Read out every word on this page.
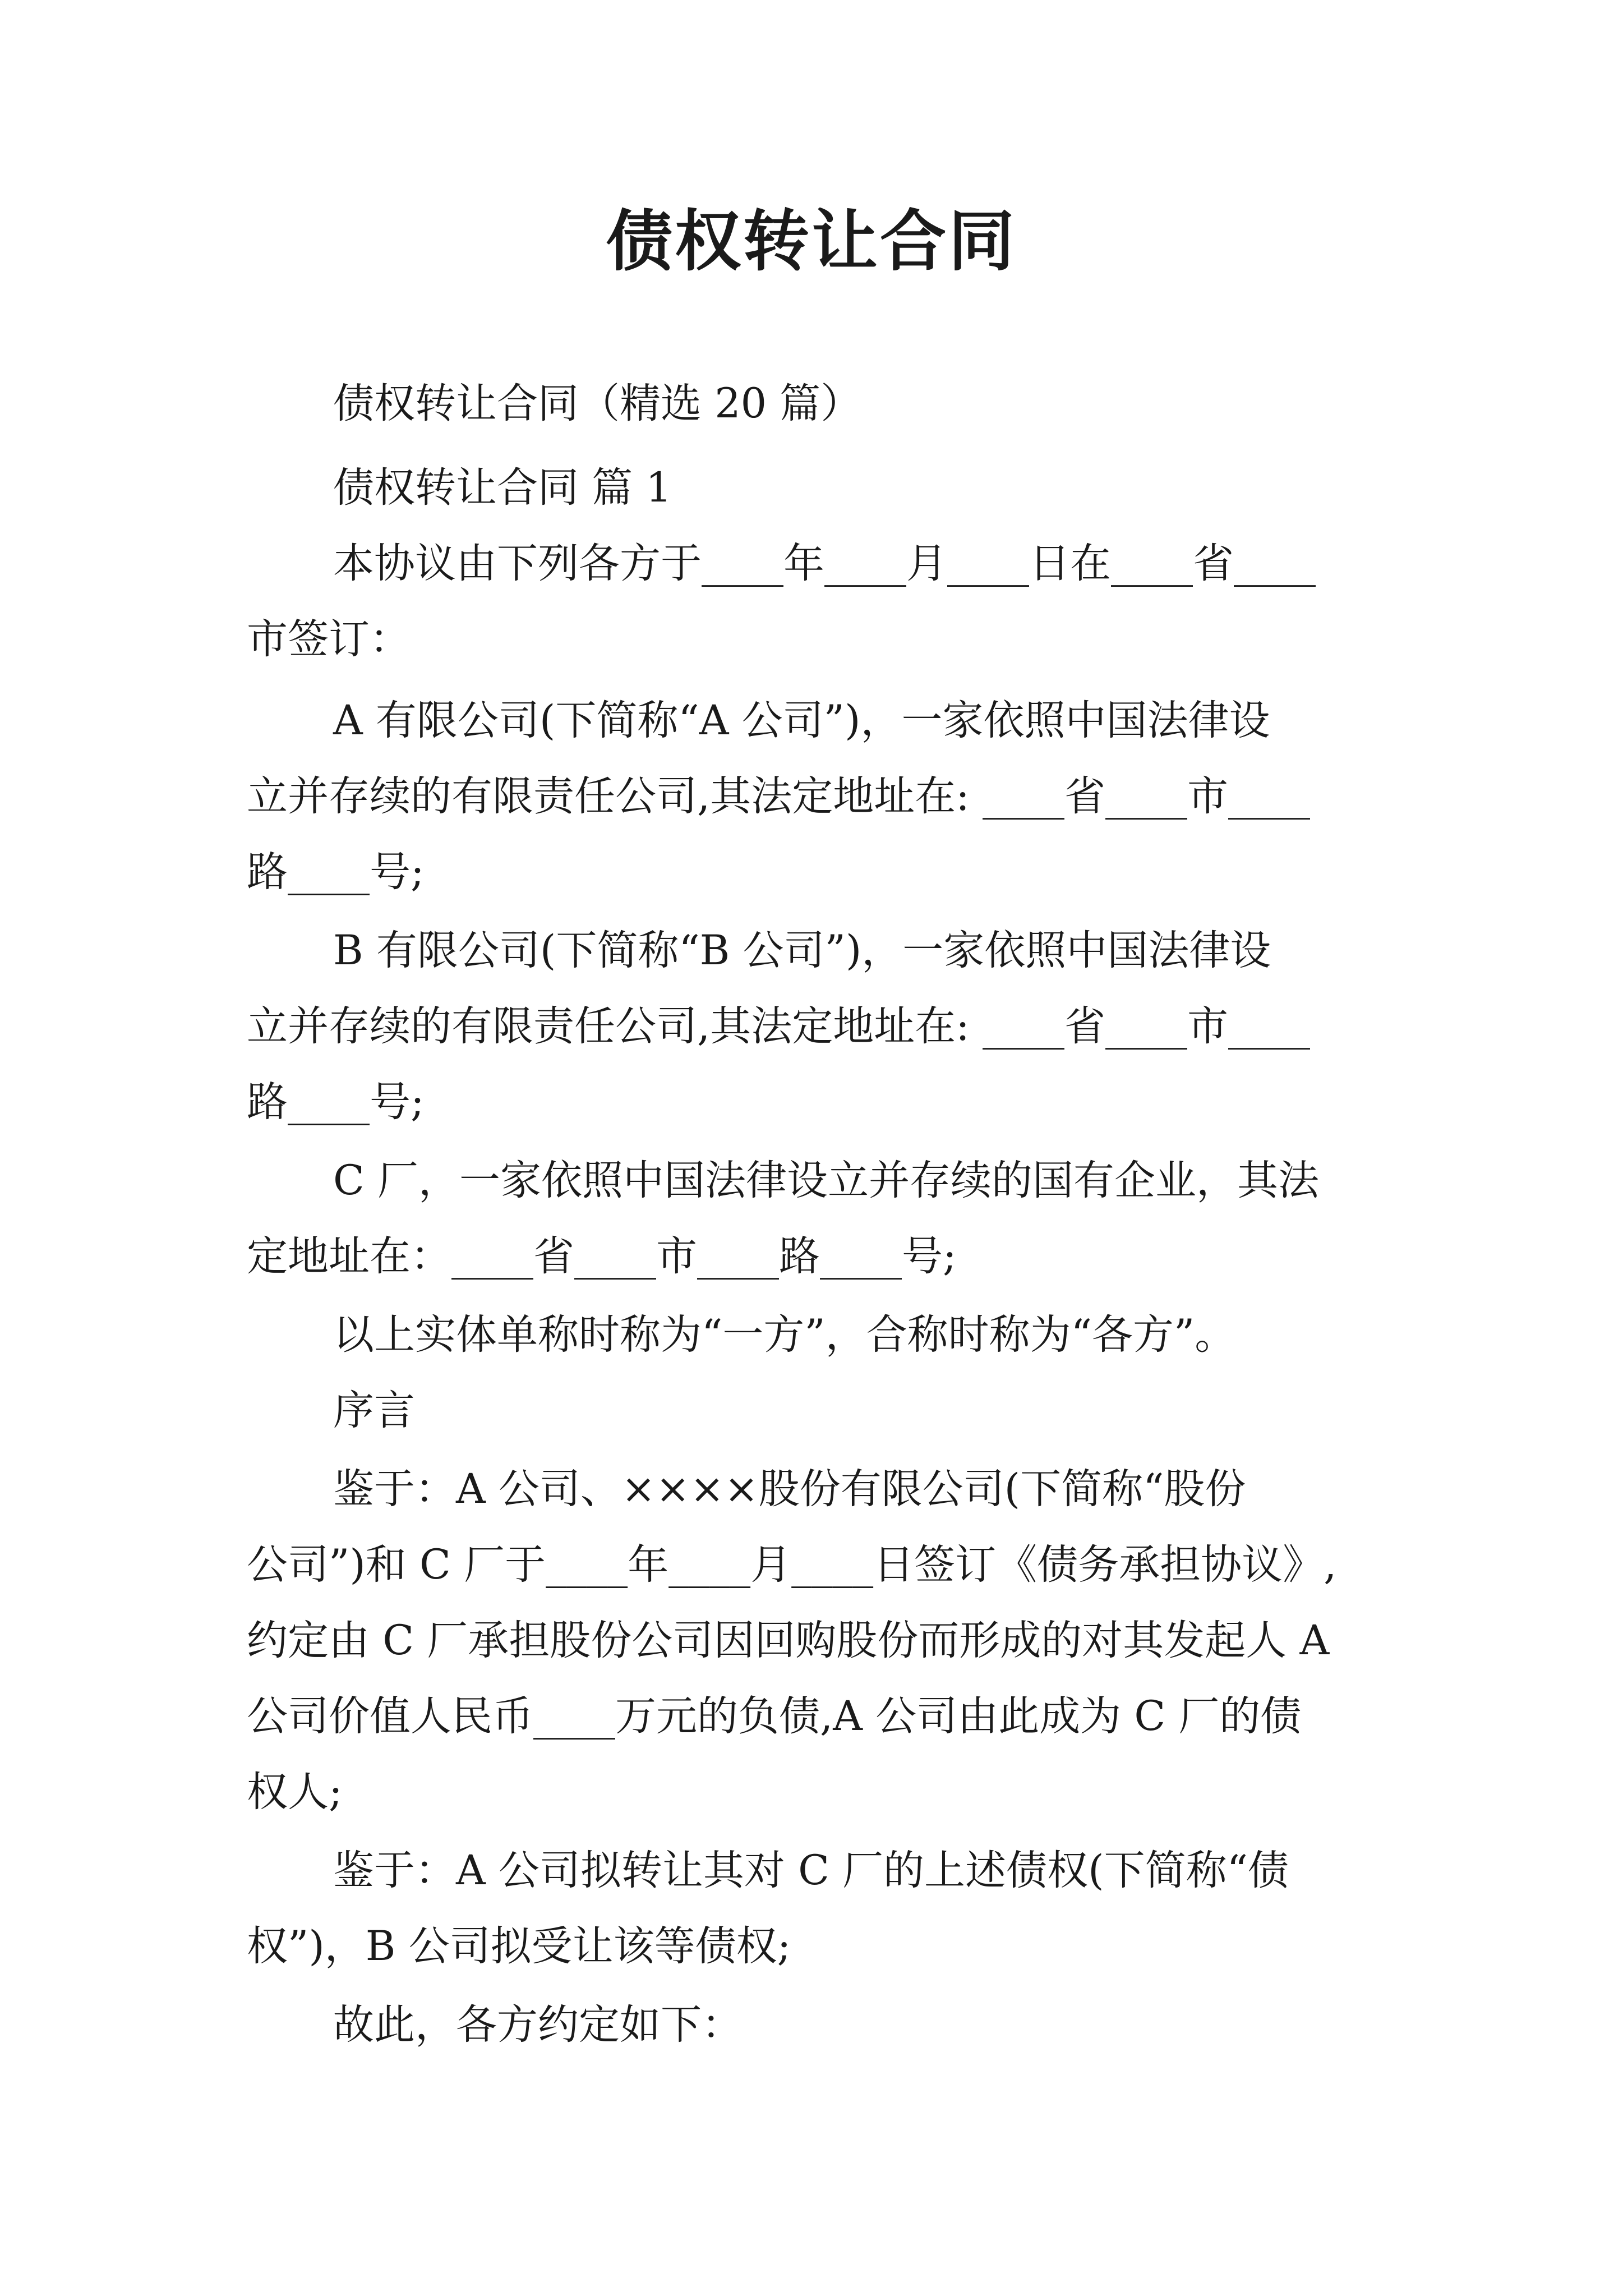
债权转让合同
债权转让合同（精选 20 篇）
债权转让合同 篇 1
本协议由下列各方于____年____月____日在____省____
市签订：
A 有限公司(下简称“A 公司”)，一家依照中国法律设
立并存续的有限责任公司,其法定地址在: ____省____市____
路____号;
B 有限公司(下简称“B 公司”)，一家依照中国法律设
立并存续的有限责任公司,其法定地址在: ____省____市____
路____号;
C 厂，一家依照中国法律设立并存续的国有企业，其法
定地址在：____省____市____路____号;
以上实体单称时称为“一方”，合称时称为“各方”。
序言
鉴于：A 公司、××××股份有限公司(下简称“股份
公司”)和 C 厂于____年____月____日签订《债务承担协议》,
约定由 C 厂承担股份公司因回购股份而形成的对其发起人 A
公司价值人民币____万元的负债,A 公司由此成为 C 厂的债
权人;
鉴于：A 公司拟转让其对 C 厂的上述债权(下简称“债
权”)，B 公司拟受让该等债权;
故此，各方约定如下：
